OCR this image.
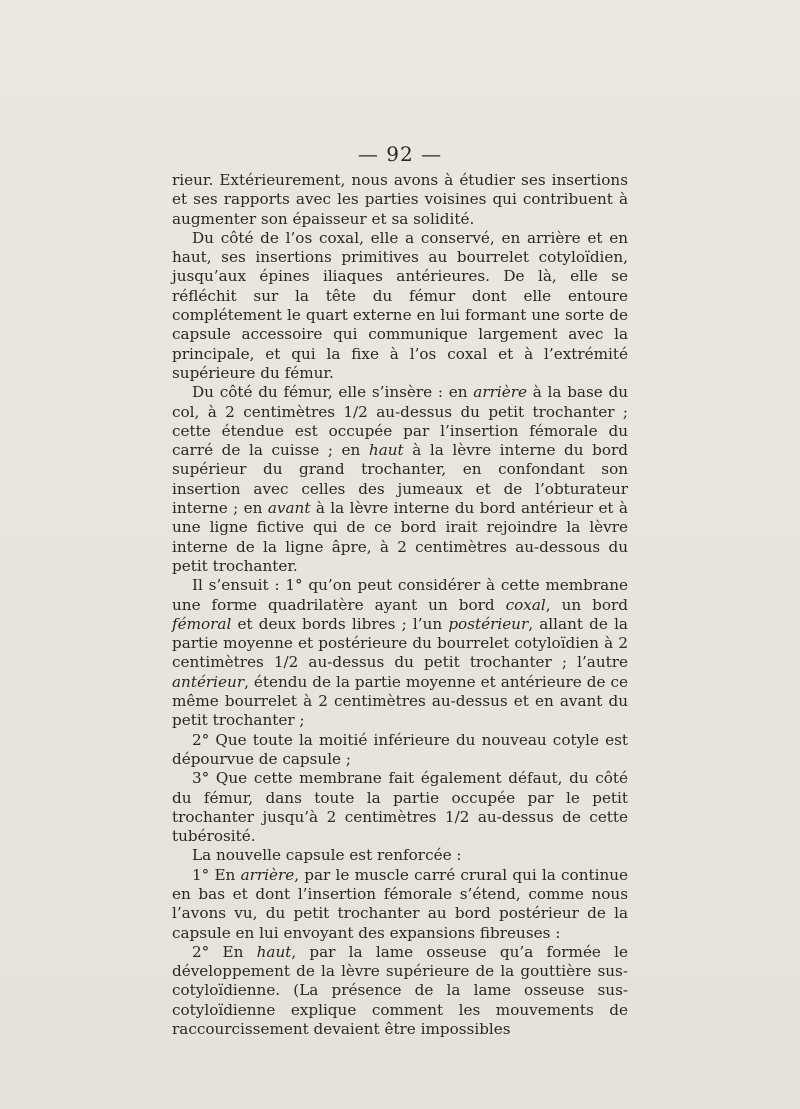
— 92 —

rieur. Extérieurement, nous avons à étudier ses insertions et ses rapports avec les parties voisines qui contribuent à augmenter son épaisseur et sa solidité.

Du côté de l’os coxal, elle a conservé, en arrière et en haut, ses insertions primitives au bourrelet cotyloïdien, jusqu’aux épines iliaques antérieures. De là, elle se réfléchit sur la tête du fémur dont elle entoure complétement le quart externe en lui formant une sorte de capsule accessoire qui communique largement avec la principale, et qui la fixe à l’os coxal et à l’extrémité supérieure du fémur.

Du côté du fémur, elle s’insère : en arrière à la base du col, à 2 centimètres 1/2 au-dessus du petit trochanter ; cette étendue est occupée par l’insertion fémorale du carré de la cuisse ; en haut à la lèvre interne du bord supérieur du grand trochanter, en confondant son insertion avec celles des jumeaux et de l’obturateur interne ; en avant à la lèvre interne du bord antérieur et à une ligne fictive qui de ce bord irait rejoindre la lèvre interne de la ligne âpre, à 2 centimètres au-dessous du petit trochanter.

Il s’ensuit : 1° qu’on peut considérer à cette membrane une forme quadrilatère ayant un bord coxal, un bord fémoral et deux bords libres ; l’un postérieur, allant de la partie moyenne et postérieure du bourrelet cotyloïdien à 2 centimètres 1/2 au-dessus du petit trochanter ; l’autre antérieur, étendu de la partie moyenne et antérieure de ce même bourrelet à 2 centimètres au-dessus et en avant du petit trochanter ;

2° Que toute la moitié inférieure du nouveau cotyle est dépourvue de capsule ;

3° Que cette membrane fait également défaut, du côté du fémur, dans toute la partie occupée par le petit trochanter jusqu’à 2 centimètres 1/2 au-dessus de cette tubérosité.

La nouvelle capsule est renforcée :

1° En arrière, par le muscle carré crural qui la continue en bas et dont l’insertion fémorale s’étend, comme nous l’avons vu, du petit trochanter au bord postérieur de la capsule en lui envoyant des expansions fibreuses :

2° En haut, par la lame osseuse qu’a formée le développement de la lèvre supérieure de la gouttière sus-cotyloïdienne. (La présence de la lame osseuse sus-cotyloïdienne explique comment les mouvements de raccourcissement devaient être impossibles
